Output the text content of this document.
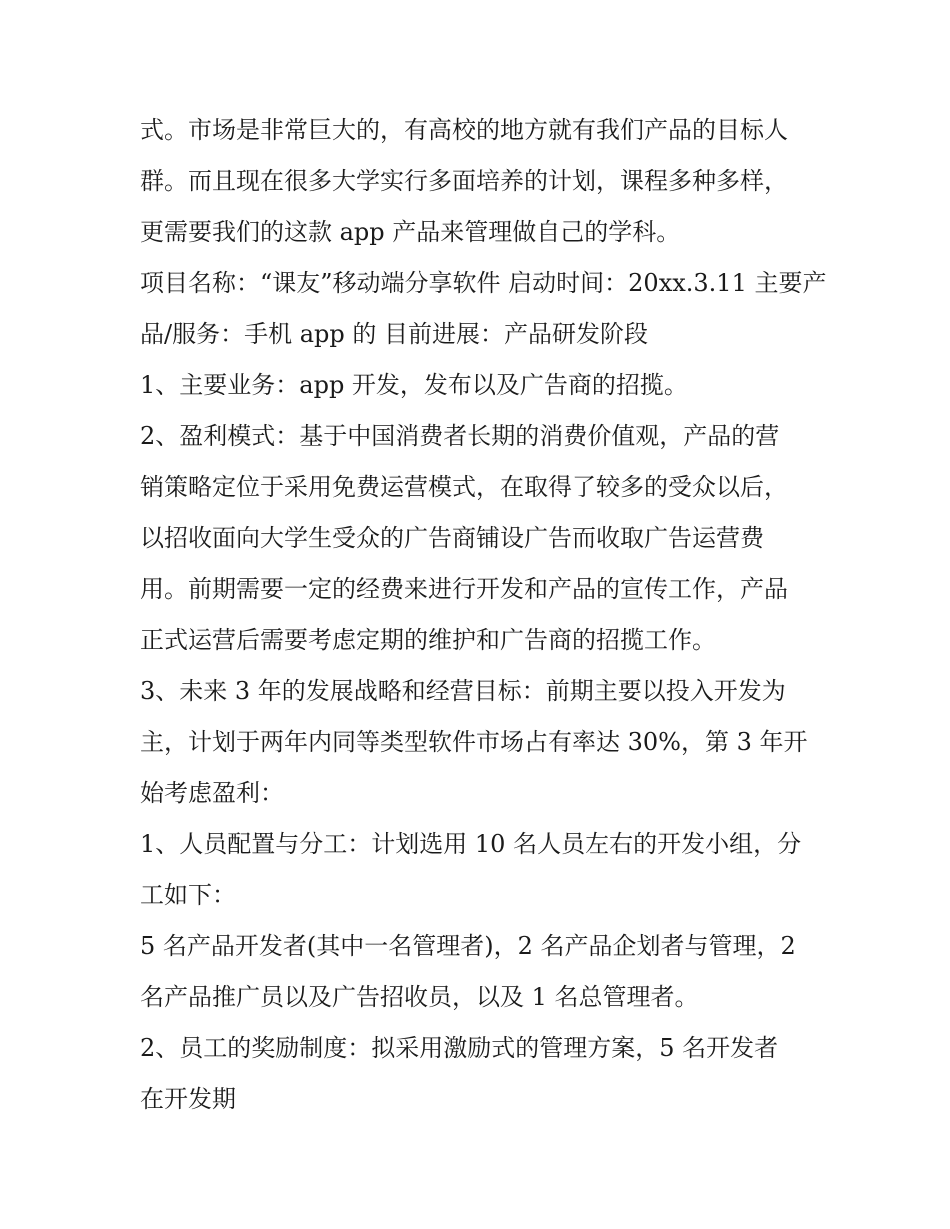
式。市场是非常巨大的，有高校的地方就有我们产品的目标人

群。而且现在很多大学实行多面培养的计划，课程多种多样，

更需要我们的这款 app 产品来管理做自己的学科。

项目名称：“课友”移动端分享软件 启动时间：20xx.3.11 主要产

品/服务：手机 app 的 目前进展：产品研发阶段

1、主要业务：app 开发，发布以及广告商的招揽。

2、盈利模式：基于中国消费者长期的消费价值观，产品的营

销策略定位于采用免费运营模式，在取得了较多的受众以后，

以招收面向大学生受众的广告商铺设广告而收取广告运营费

用。前期需要一定的经费来进行开发和产品的宣传工作，产品

正式运营后需要考虑定期的维护和广告商的招揽工作。

3、未来 3 年的发展战略和经营目标：前期主要以投入开发为

主，计划于两年内同等类型软件市场占有率达 30%，第 3 年开

始考虑盈利：

1、人员配置与分工：计划选用 10 名人员左右的开发小组，分

工如下：

5 名产品开发者(其中一名管理者)，2 名产品企划者与管理，2

名产品推广员以及广告招收员，以及 1 名总管理者。

2、员工的奖励制度：拟采用激励式的管理方案，5 名开发者

在开发期
